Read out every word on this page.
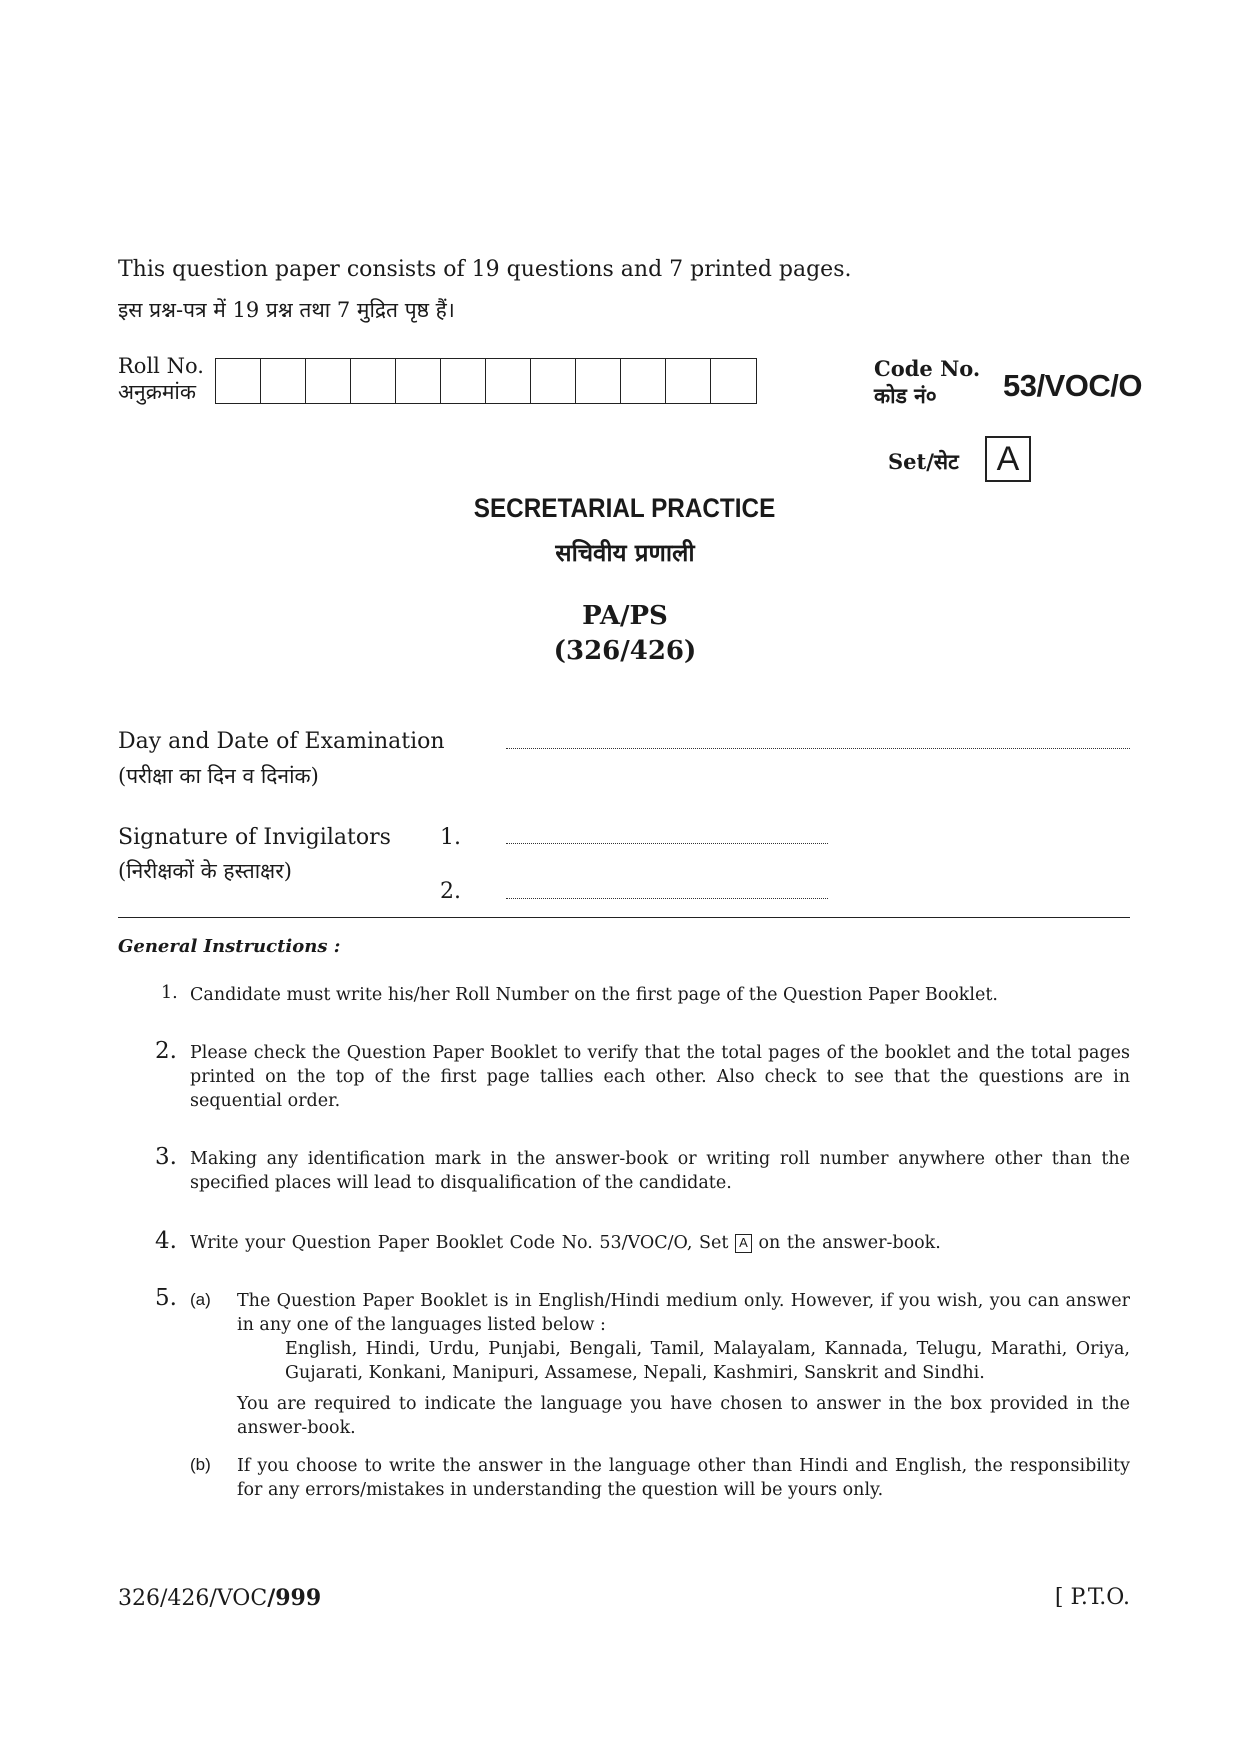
This question paper consists of 19 questions and 7 printed pages.
इस प्रश्न-पत्र में 19 प्रश्न तथा 7 मुद्रित पृष्ठ हैं।
Roll No.
अनुक्रमांक
Code No.
कोड नं०	53/VOC/O
Set/सेट	A
SECRETARIAL PRACTICE
सचिवीय प्रणाली
PA/PS
(326/426)
Day and Date of Examination
(परीक्षा का दिन व दिनांक)
Signature of Invigilators
(निरीक्षकों के हस्ताक्षर)
1.
2.
General Instructions :
1. Candidate must write his/her Roll Number on the first page of the Question Paper Booklet.
2. Please check the Question Paper Booklet to verify that the total pages of the booklet and the total pages printed on the top of the first page tallies each other. Also check to see that the questions are in sequential order.
3. Making any identification mark in the answer-book or writing roll number anywhere other than the specified places will lead to disqualification of the candidate.
4. Write your Question Paper Booklet Code No. 53/VOC/O, Set A on the answer-book.
5. (a) The Question Paper Booklet is in English/Hindi medium only. However, if you wish, you can answer in any one of the languages listed below :
English, Hindi, Urdu, Punjabi, Bengali, Tamil, Malayalam, Kannada, Telugu, Marathi, Oriya, Gujarati, Konkani, Manipuri, Assamese, Nepali, Kashmiri, Sanskrit and Sindhi.
You are required to indicate the language you have chosen to answer in the box provided in the answer-book.
(b) If you choose to write the answer in the language other than Hindi and English, the responsibility for any errors/mistakes in understanding the question will be yours only.
326/426/VOC/999	[ P.T.O.
